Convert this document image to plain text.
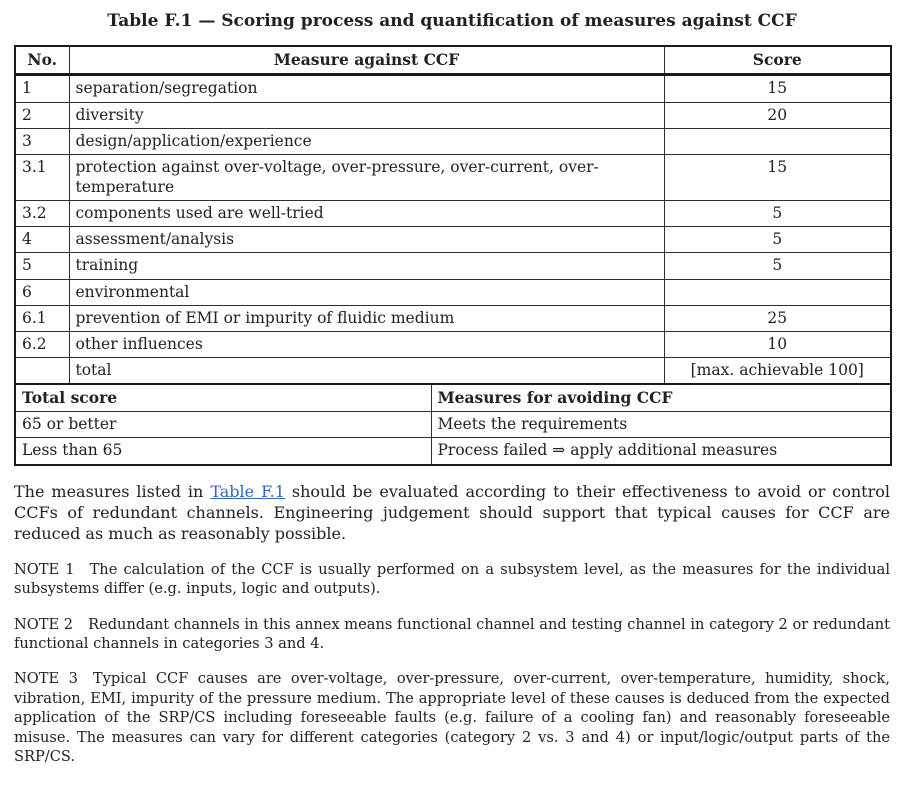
Table F.1 — Scoring process and quantification of measures against CCF
No.	Measure against CCF	Score
1	separation/segregation	15
2	diversity	20
3	design/application/experience	
3.1	protection against over-voltage, over-pressure, over-current, over-temperature	15
3.2	components used are well-tried	5
4	assessment/analysis	5
5	training	5
6	environmental	
6.1	prevention of EMI or impurity of fluidic medium	25
6.2	other influences	10
	total	[max. achievable 100]
Total score	Measures for avoiding CCF
65 or better	Meets the requirements
Less than 65	Process failed ⇒ apply additional measures

The measures listed in Table F.1 should be evaluated according to their effectiveness to avoid or control CCFs of redundant channels. Engineering judgement should support that typical causes for CCF are reduced as much as reasonably possible.

NOTE 1 The calculation of the CCF is usually performed on a subsystem level, as the measures for the individual subsystems differ (e.g. inputs, logic and outputs).

NOTE 2 Redundant channels in this annex means functional channel and testing channel in category 2 or redundant functional channels in categories 3 and 4.

NOTE 3 Typical CCF causes are over-voltage, over-pressure, over-current, over-temperature, humidity, shock, vibration, EMI, impurity of the pressure medium. The appropriate level of these causes is deduced from the expected application of the SRP/CS including foreseeable faults (e.g. failure of a cooling fan) and reasonably foreseeable misuse. The measures can vary for different categories (category 2 vs. 3 and 4) or input/logic/output parts of the SRP/CS.
